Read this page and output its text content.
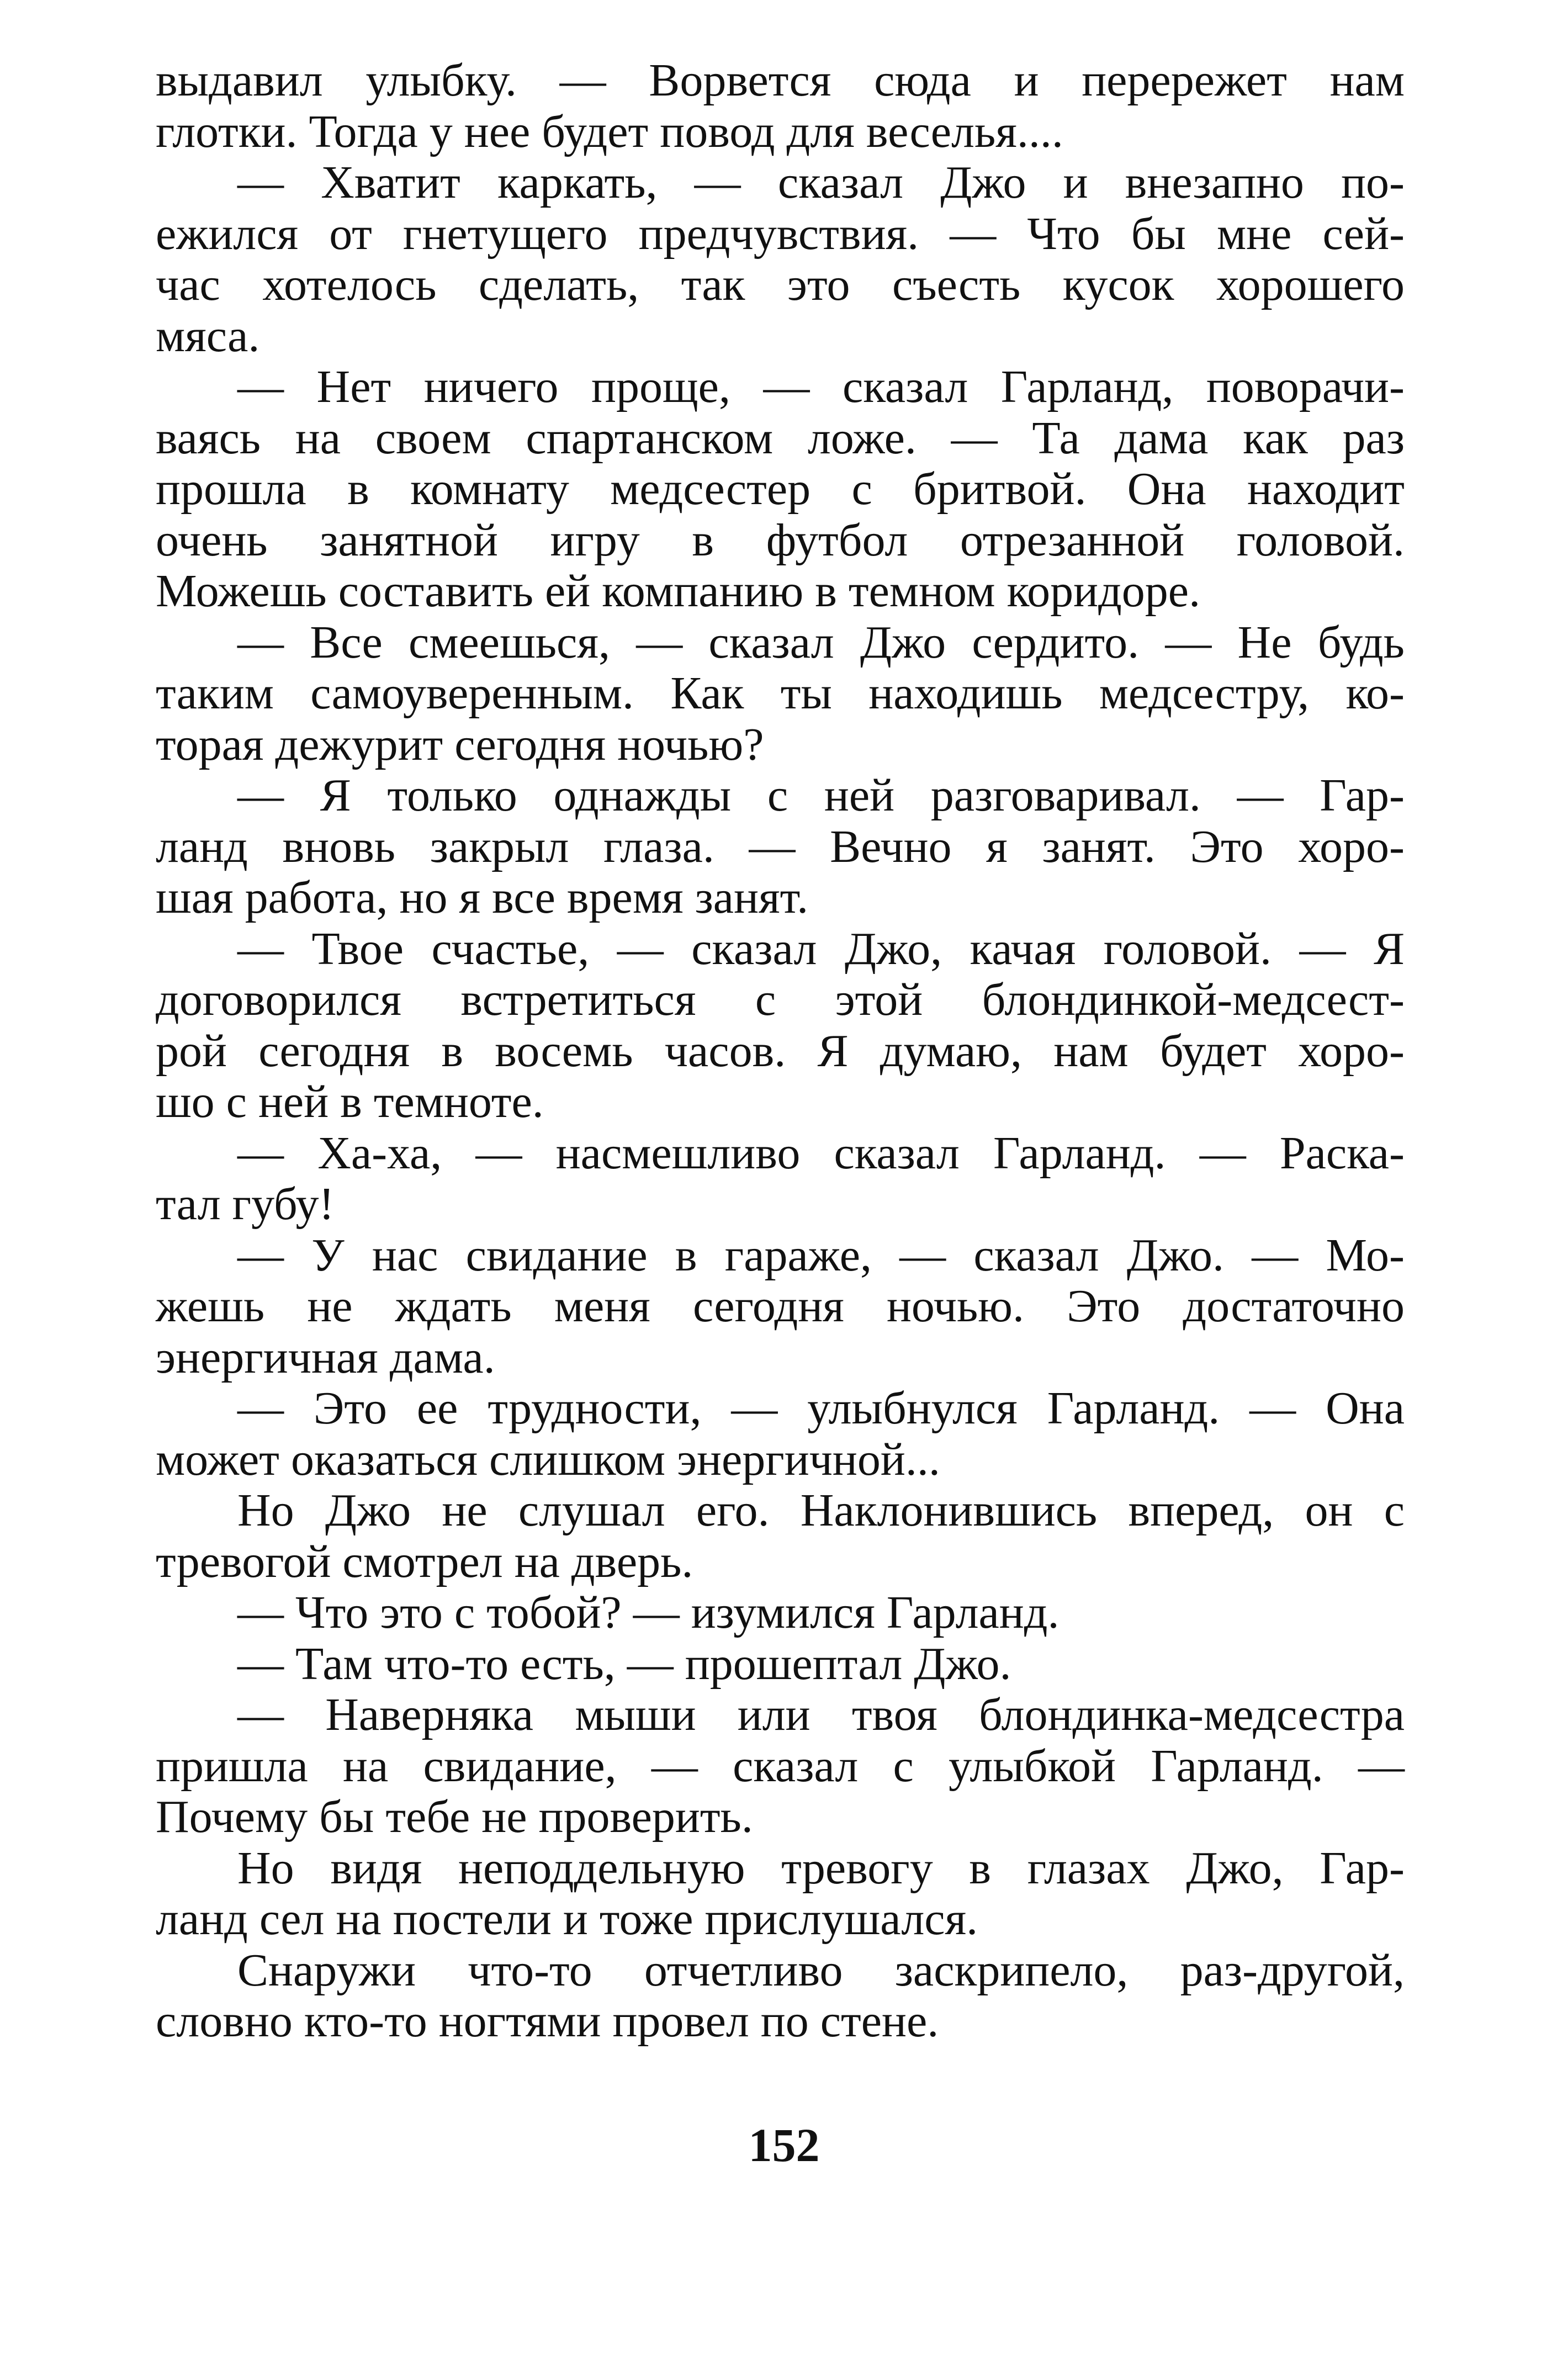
выдавил улыбку. — Ворвется сюда и перережет нам
глотки. Тогда у нее будет повод для веселья....

— Хватит каркать, — сказал Джо и внезапно по-
ежился от гнетущего предчувствия. — Что бы мне сей-
час хотелось сделать, так это съесть кусок хорошего
мяса.

— Нет ничего проще, — сказал Гарланд, поворачи-
ваясь на своем спартанском ложе. — Та дама как раз
прошла в комнату медсестер с бритвой. Она находит
очень занятной игру в футбол отрезанной головой.
Можешь составить ей компанию в темном коридоре.

— Все смеешься, — сказал Джо сердито. — Не будь
таким самоуверенным. Как ты находишь медсестру, ко-
торая дежурит сегодня ночью?

— Я только однажды с ней разговаривал. — Гар-
ланд вновь закрыл глаза. — Вечно я занят. Это хоро-
шая работа, но я все время занят.

— Твое счастье, — сказал Джо, качая головой. — Я
договорился встретиться с этой блондинкой-медсест-
рой сегодня в восемь часов. Я думаю, нам будет хоро-
шо с ней в темноте.

— Ха-ха, — насмешливо сказал Гарланд. — Раска-
тал губу!

— У нас свидание в гараже, — сказал Джо. — Мо-
жешь не ждать меня сегодня ночью. Это достаточно
энергичная дама.

— Это ее трудности, — улыбнулся Гарланд. — Она
может оказаться слишком энергичной...

Но Джо не слушал его. Наклонившись вперед, он с
тревогой смотрел на дверь.

— Что это с тобой? — изумился Гарланд.

— Там что-то есть, — прошептал Джо.

— Наверняка мыши или твоя блондинка-медсестра
пришла на свидание, — сказал с улыбкой Гарланд. —
Почему бы тебе не проверить.

Но видя неподдельную тревогу в глазах Джо, Гар-
ланд сел на постели и тоже прислушался.

Снаружи что-то отчетливо заскрипело, раз-другой,
словно кто-то ногтями провел по стене.

152
